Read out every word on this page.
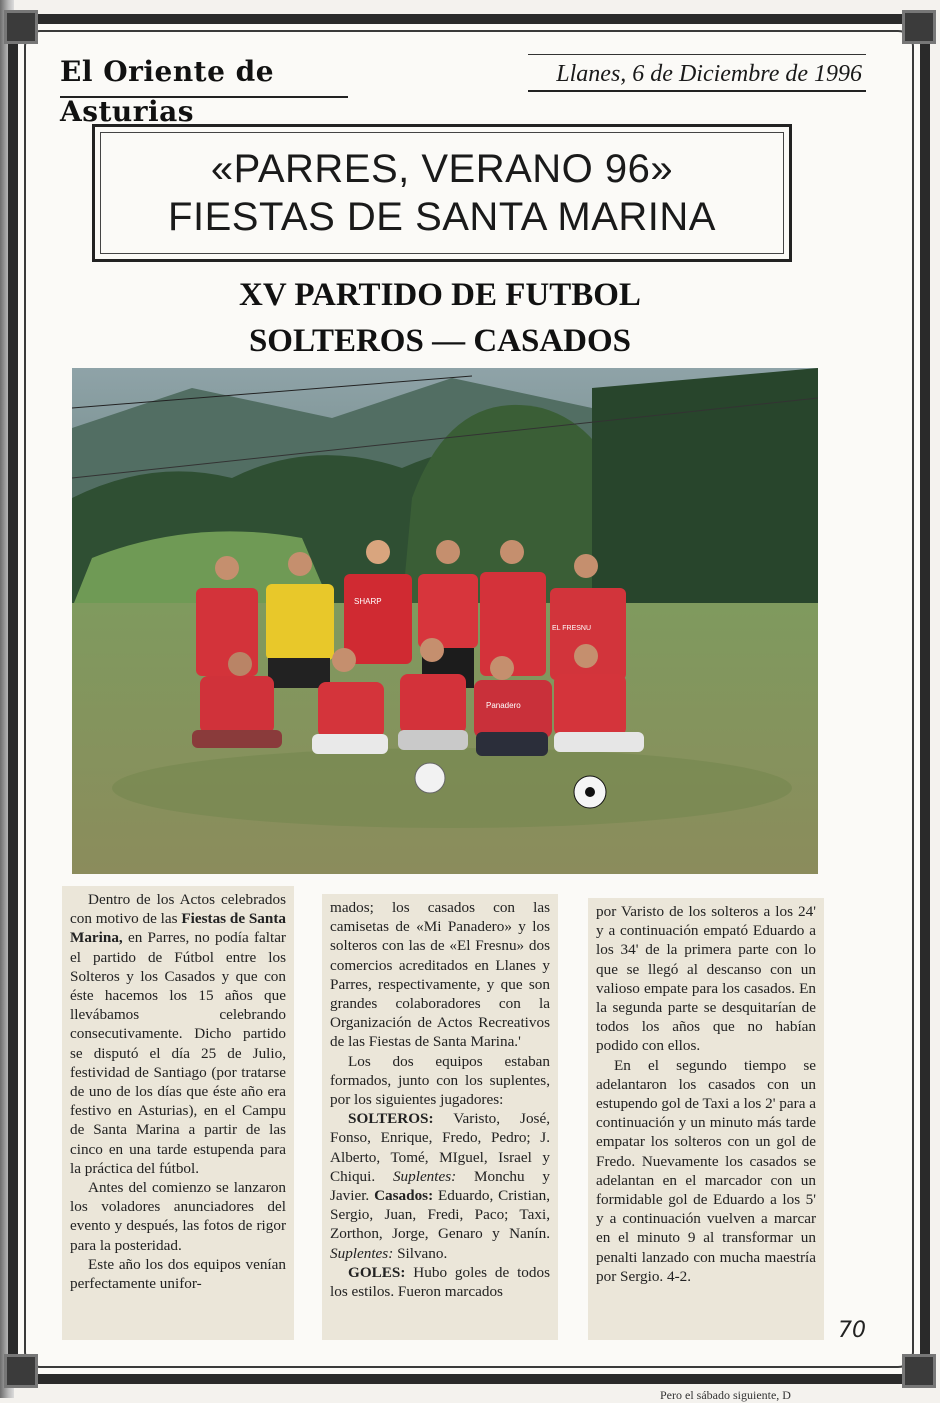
El Oriente de Asturias
Llanes, 6 de Diciembre de 1996
«PARRES, VERANO 96»
FIESTAS DE SANTA MARINA
XV PARTIDO DE FUTBOL
SOLTEROS — CASADOS
SHARP
EL FRESNU
Panadero

Dentro de los Actos celebrados con motivo de las Fiestas de Santa Marina, en Parres, no podía faltar el partido de Fútbol entre los Solteros y los Casados y que con éste hacemos los 15 años que llevábamos celebrando consecutivamente. Dicho partido se disputó el día 25 de Julio, festividad de Santiago (por tratarse de uno de los días que éste año era festivo en Asturias), en el Campu de Santa Marina a partir de las cinco en una tarde estupenda para la práctica del fútbol.

Antes del comienzo se lanzaron los voladores anunciadores del evento y después, las fotos de rigor para la posteridad.

Este año los dos equipos venían perfectamente unifor-

mados; los casados con las camisetas de «Mi Panadero» y los solteros con las de «El Fresnu» dos comercios acreditados en Llanes y Parres, respectivamente, y que son grandes colaboradores con la Organización de Actos Recreativos de las Fiestas de Santa Marina.'

Los dos equipos estaban formados, junto con los suplentes, por los siguientes jugadores:

SOLTEROS: Varisto, José, Fonso, Enrique, Fredo, Pedro; J. Alberto, Tomé, MIguel, Israel y Chiqui. Suplentes: Monchu y Javier. Casados: Eduardo, Cristian, Sergio, Juan, Fredi, Paco; Taxi, Zorthon, Jorge, Genaro y Nanín. Suplentes: Silvano.

GOLES: Hubo goles de todos los estilos. Fueron marcados

por Varisto de los solteros a los 24' y a continuación empató Eduardo a los 34' de la primera parte con lo que se llegó al descanso con un valioso empate para los casados. En la segunda parte se desquitarían de todos los años que no habían podido con ellos.

En el segundo tiempo se adelantaron los casados con un estupendo gol de Taxi a los 2' para a continuación y un minuto más tarde empatar los solteros con un gol de Fredo. Nuevamente los casados se adelantan en el marcador con un formidable gol de Eduardo a los 5' y a continuación vuelven a marcar en el minuto 9 al transformar un penalti lanzado con mucha maestría por Sergio. 4-2.

70
Pero el sábado siguiente, D
